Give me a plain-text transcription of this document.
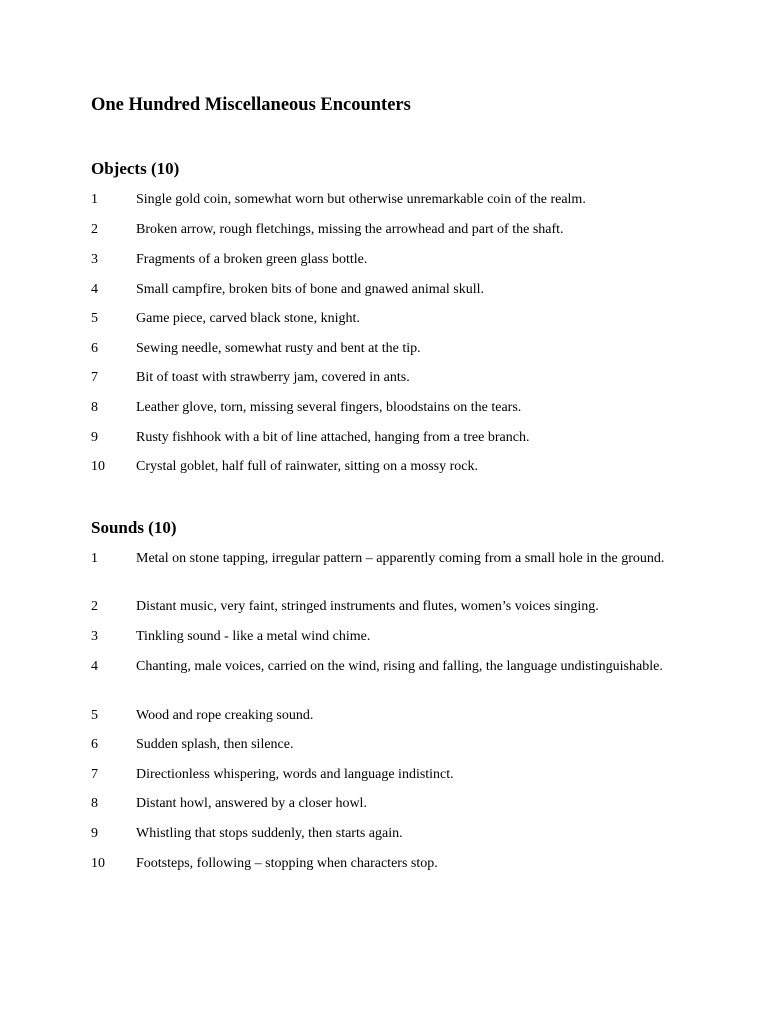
One Hundred Miscellaneous Encounters
Objects (10)
1	Single gold coin, somewhat worn but otherwise unremarkable coin of the realm.
2	Broken arrow, rough fletchings, missing the arrowhead and part of the shaft.
3	Fragments of a broken green glass bottle.
4	Small campfire, broken bits of bone and gnawed animal skull.
5	Game piece, carved black stone, knight.
6	Sewing needle, somewhat rusty and bent at the tip.
7	Bit of toast with strawberry jam, covered in ants.
8	Leather glove, torn, missing several fingers, bloodstains on the tears.
9	Rusty fishhook with a bit of line attached, hanging from a tree branch.
10	Crystal goblet, half full of rainwater, sitting on a mossy rock.
Sounds (10)
1	Metal on stone tapping, irregular pattern – apparently coming from a small hole in the ground.
2	Distant music, very faint, stringed instruments and flutes, women’s voices singing.
3	Tinkling sound - like a metal wind chime.
4	Chanting, male voices, carried on the wind, rising and falling, the language undistinguishable.
5	Wood and rope creaking sound.
6	Sudden splash, then silence.
7	Directionless whispering, words and language indistinct.
8	Distant howl, answered by a closer howl.
9	Whistling that stops suddenly, then starts again.
10	Footsteps, following – stopping when characters stop.
